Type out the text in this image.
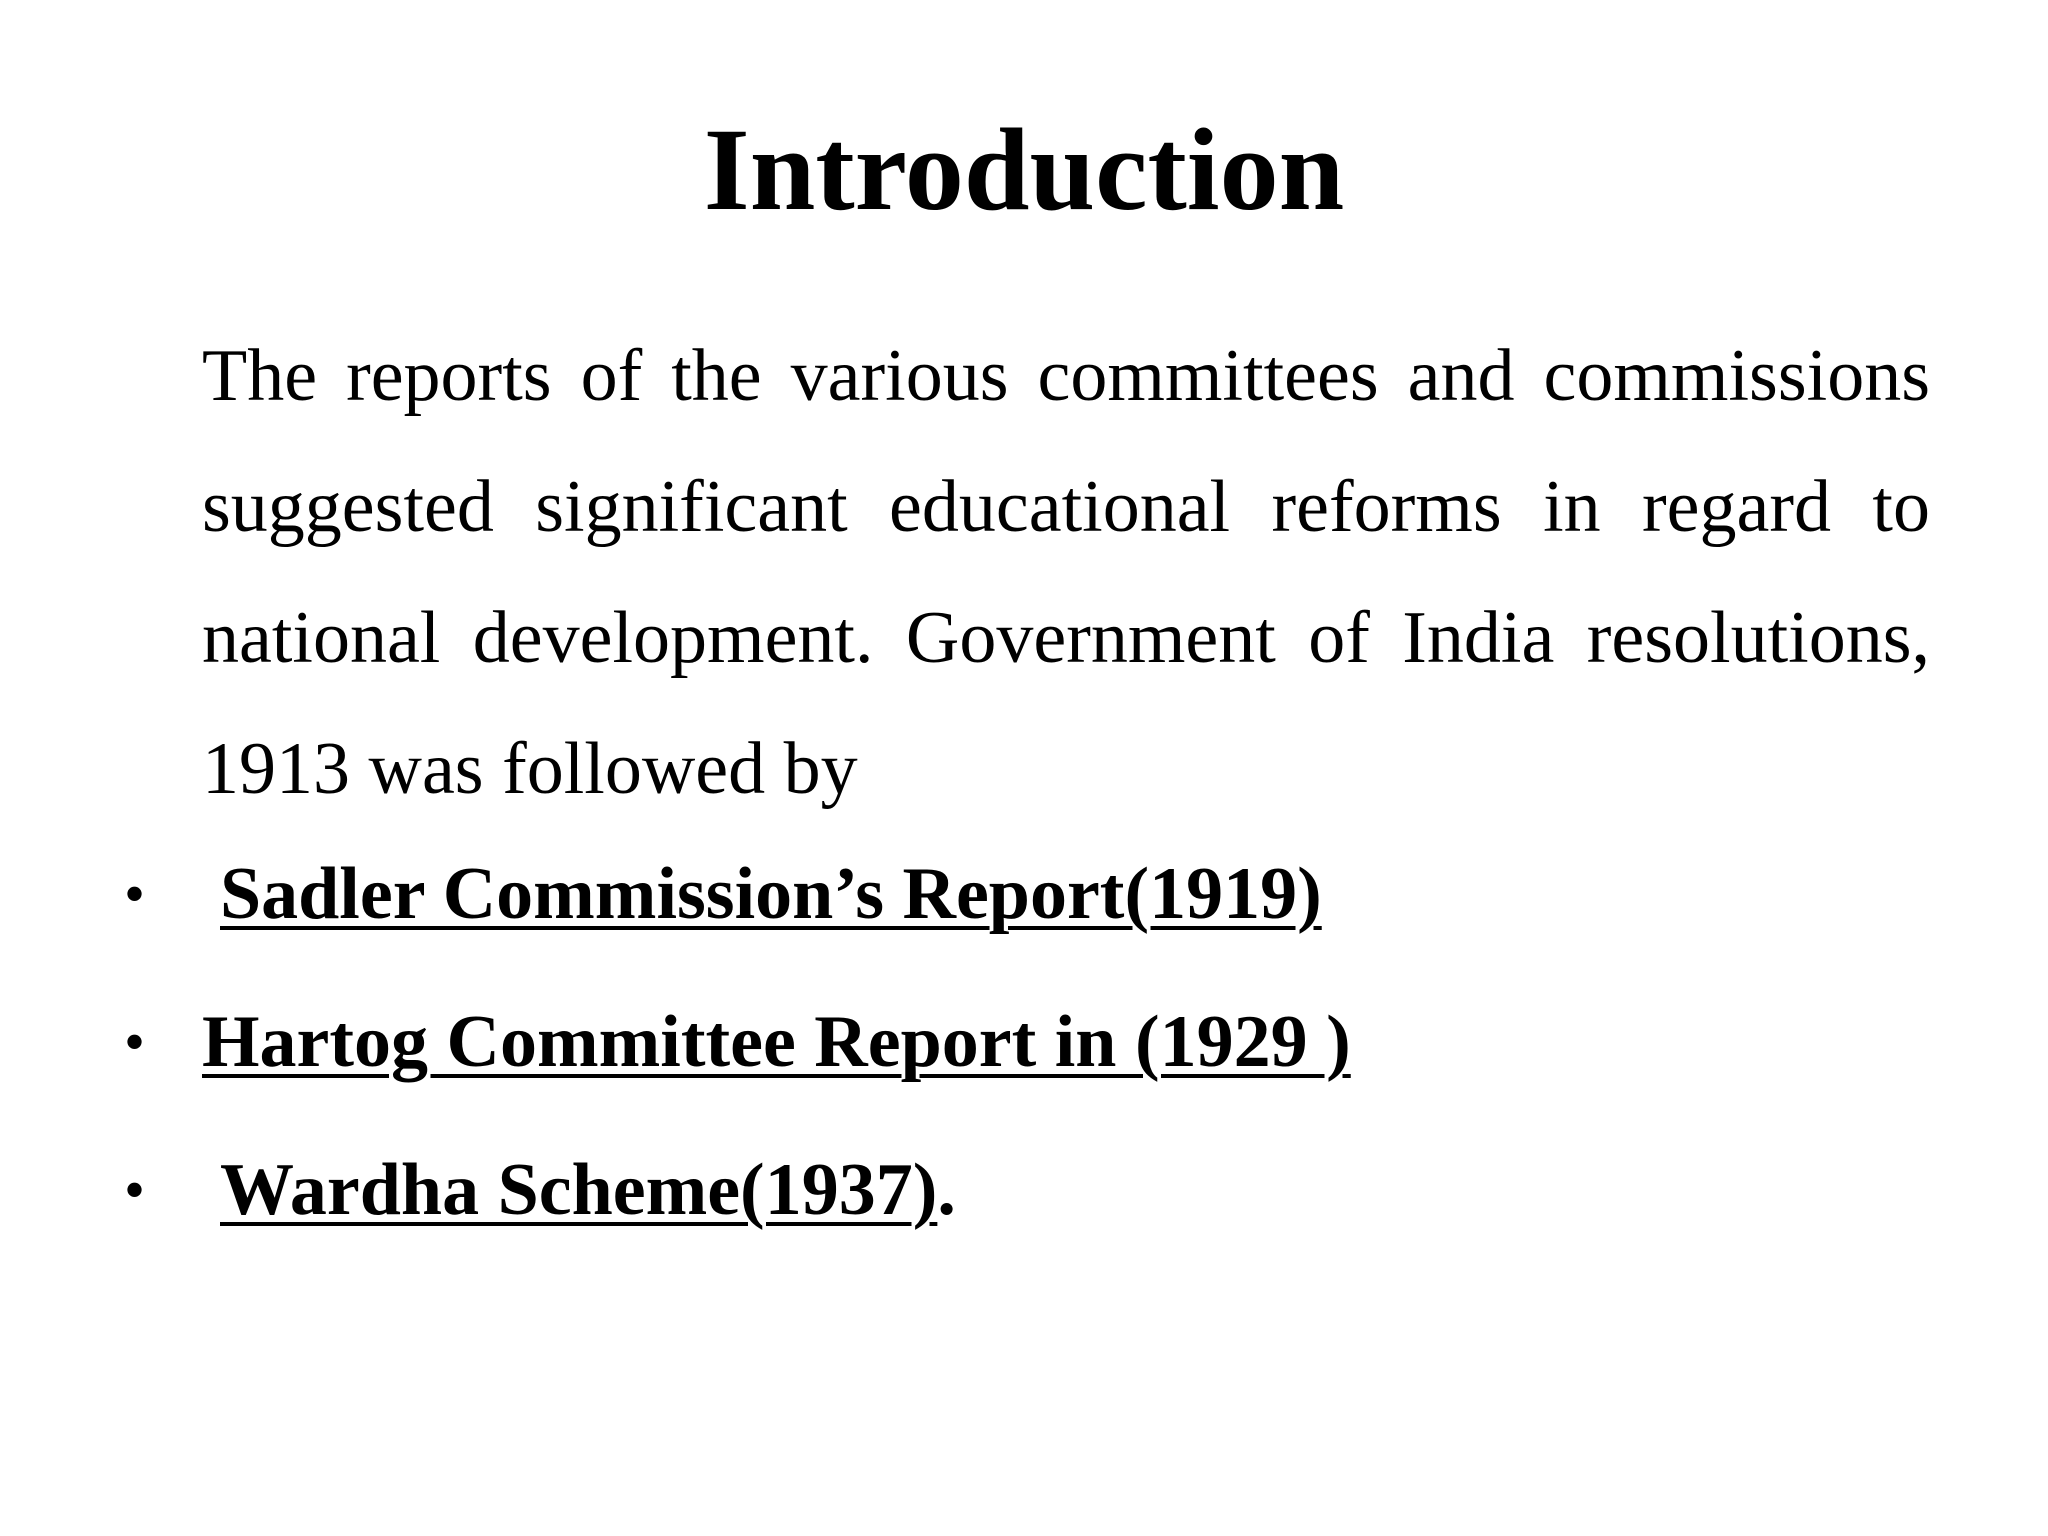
Introduction

The reports of the various committees and commissions suggested significant educational reforms in regard to national development. Government of India resolutions, 1913 was followed by

• Sadler Commission’s Report(1919)
• Hartog Committee Report in (1929 )
• Wardha Scheme(1937).
